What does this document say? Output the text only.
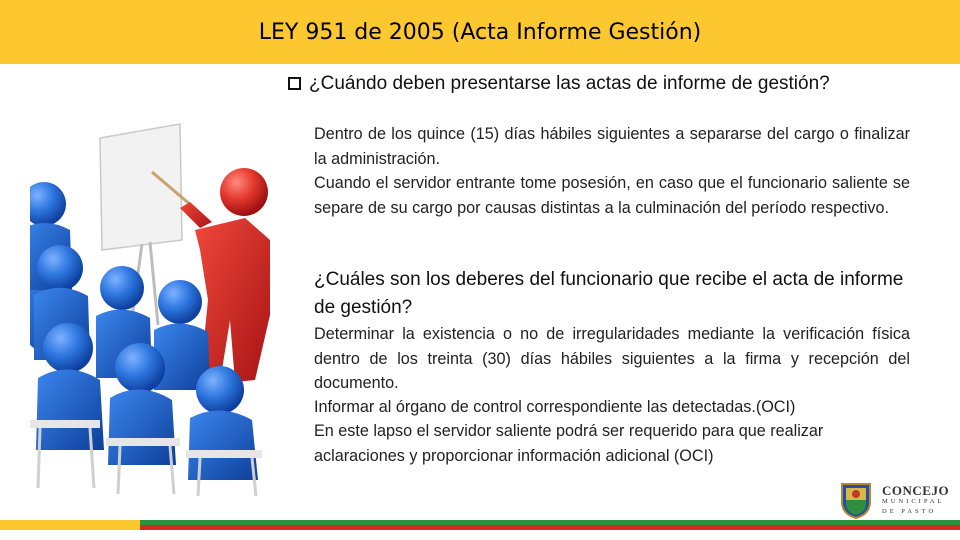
LEY 951 de 2005 (Acta Informe Gestión)
¿Cuándo deben presentarse las actas de informe de gestión?

Dentro de los quince (15) días hábiles siguientes a separarse del cargo o finalizar la administración.

Cuando el servidor entrante tome posesión, en caso que el funcionario saliente se separe de su cargo por causas distintas a la culminación del período respectivo.

¿Cuáles son los deberes del funcionario que recibe el acta de informe de gestión?

Determinar la existencia o no de irregularidades mediante la verificación física dentro de los treinta (30) días hábiles siguientes a la firma y recepción del documento.

Informar al órgano de control correspondiente las detectadas.(OCI)

En este lapso el servidor saliente podrá ser requerido para que realizar aclaraciones y proporcionar información adicional (OCI)

CONCEJO
MUNICIPAL
DE PASTO
